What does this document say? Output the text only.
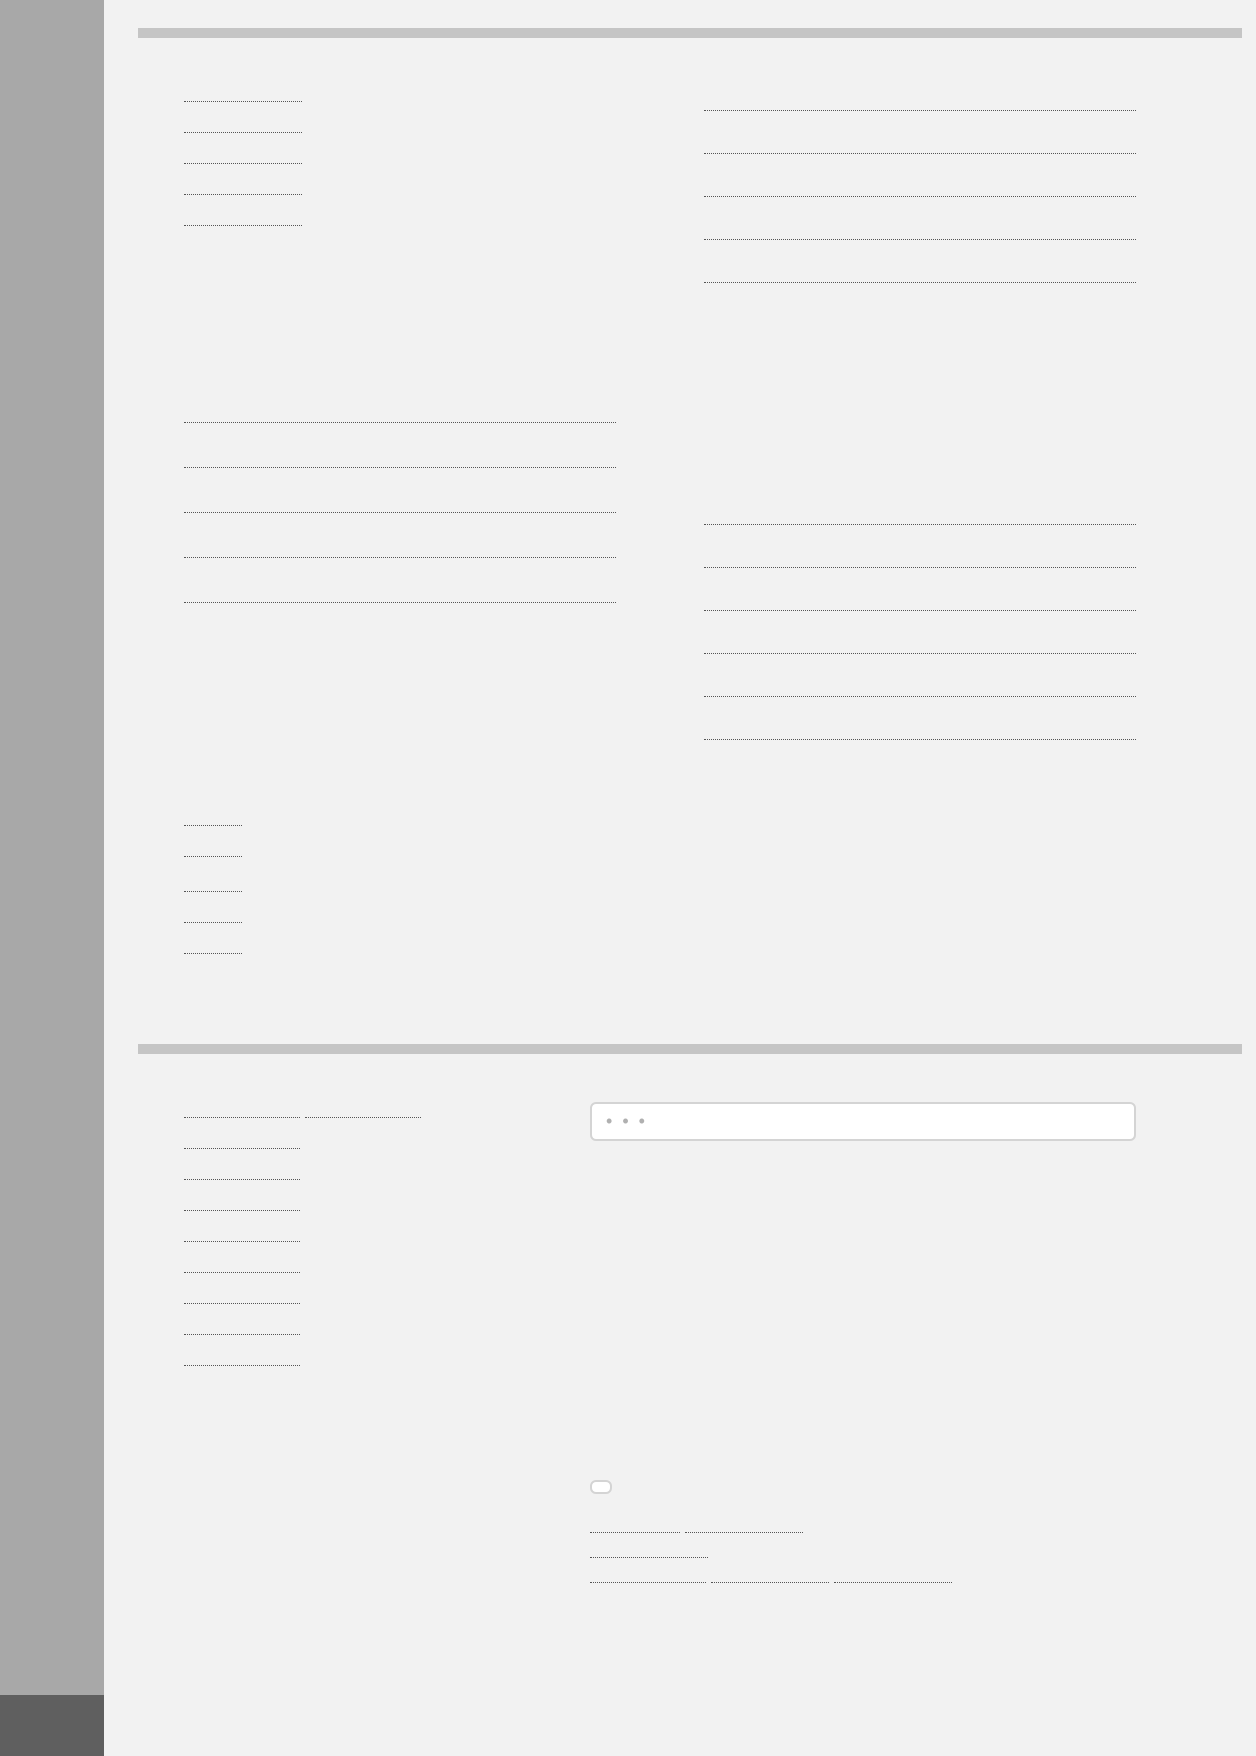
• • •
